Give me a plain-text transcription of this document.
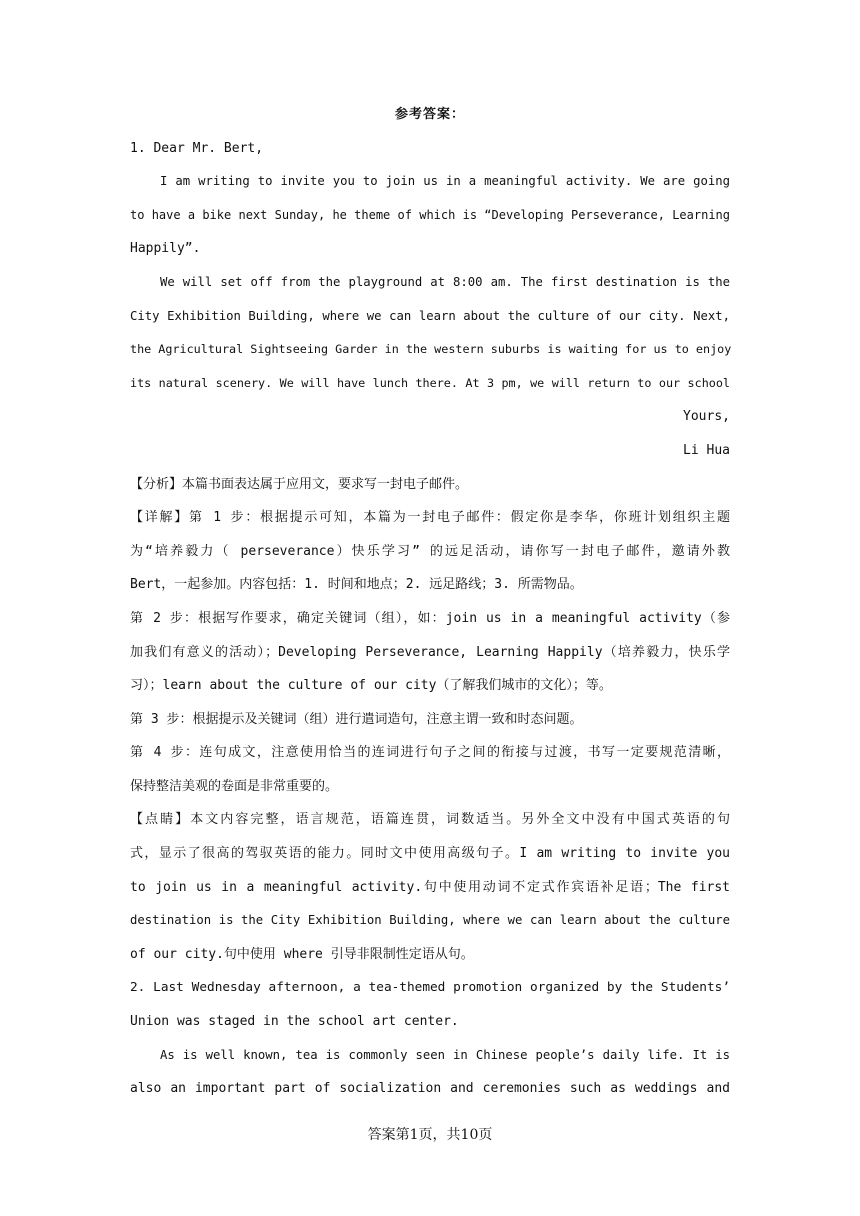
参考答案：
1. Dear Mr. Bert,
I am writing to invite you to join us in a meaningful activity. We are going
to have a bike next Sunday, he theme of which is “Developing Perseverance, Learning
Happily”.
We will set off from the playground at 8:00 am. The first destination is the
City Exhibition Building, where we can learn about the culture of our city. Next,
the Agricultural Sightseeing Garder in the western suburbs is waiting for us to enjoy
its natural scenery. We will have lunch there. At 3 pm, we will return to our school
Yours,
Li Hua
【分析】本篇书面表达属于应用文，要求写一封电子邮件。
【详解】第 1 步：根据提示可知，本篇为一封电子邮件：假定你是李华，你班计划组织主题
为“培养毅力（ perseverance）快乐学习” 的远足活动，请你写一封电子邮件，邀请外教
Bert，一起参加。内容包括：1. 时间和地点；2. 远足路线；3. 所需物品。
第 2 步：根据写作要求，确定关键词（组），如：join us in a meaningful activity（参
加我们有意义的活动）；Developing Perseverance, Learning Happily（培养毅力，快乐学
习）；learn about the culture of our city（了解我们城市的文化）；等。
第 3 步：根据提示及关键词（组）进行遣词造句，注意主谓一致和时态问题。
第 4 步：连句成文，注意使用恰当的连词进行句子之间的衔接与过渡，书写一定要规范清晰，
保持整洁美观的卷面是非常重要的。
【点睛】本文内容完整，语言规范，语篇连贯，词数适当。另外全文中没有中国式英语的句
式，显示了很高的驾驭英语的能力。同时文中使用高级句子。I am writing to invite you
to join us in a meaningful activity.句中使用动词不定式作宾语补足语；The first
destination is the City Exhibition Building, where we can learn about the culture
of our city.句中使用 where 引导非限制性定语从句。
2. Last Wednesday afternoon, a tea-themed promotion organized by the Students’
Union was staged in the school art center.
As is well known, tea is commonly seen in Chinese people’s daily life. It is
also an important part of socialization and ceremonies such as weddings and
答案第1页，共10页
